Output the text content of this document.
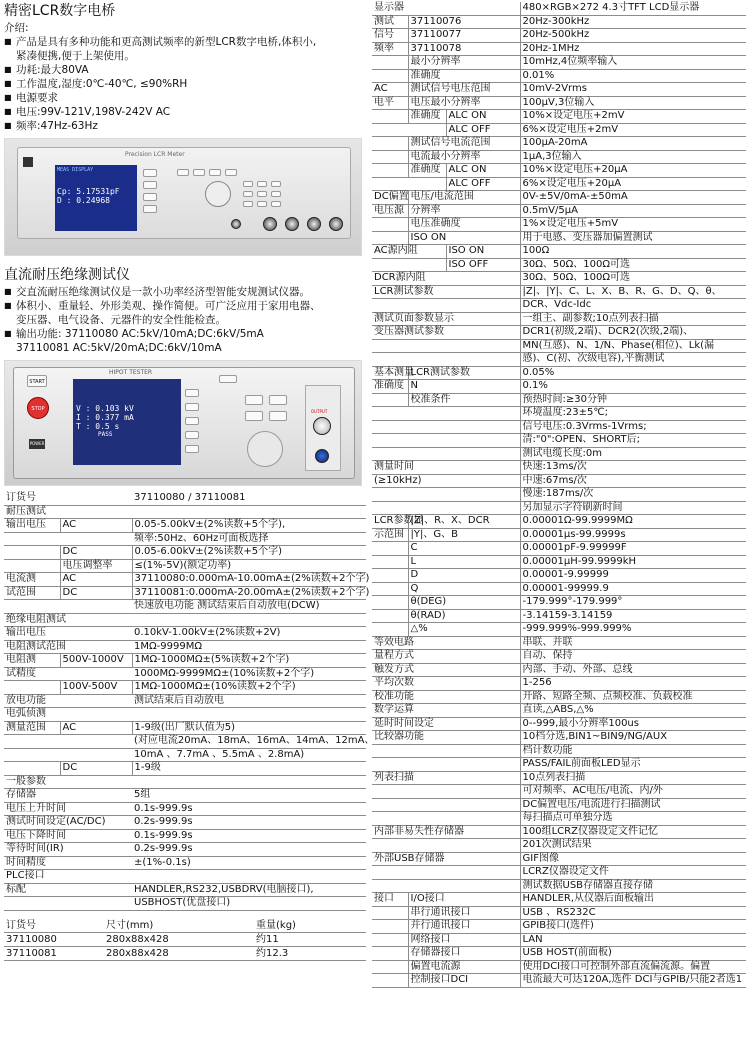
精密LCR数字电桥
介绍:
■ 产品是具有多种功能和更高测试频率的新型LCR数字电桥,体积小,
紧凑便携,便于上架使用。
■ 功耗:最大80VA
■ 工作温度,湿度:0℃-40℃, ≤90%RH
■ 电源要求
■ 电压:99V-121V,198V-242V AC
■ 频率:47Hz-63Hz
Precision LCR Meter
MEAS DISPLAY
Cp: 5.17531pF
D : 0.24968
直流耐压绝缘测试仪
■ 交直流耐压绝缘测试仪是一款小功率经济型智能安规测试仪器。
■ 体积小、重量轻、外形美观、操作简便。可广泛应用于家用电器、
变压器、电气设备、元器件的安全性能检查。
■ 输出功能: 37110080 AC:5kV/10mA;DC:6kV/5mA
37110081 AC:5kV/20mA;DC:6kV/10mA
START
STOP
POWER
HIPOT TESTER
V : 0.103 kV
I : 0.377 mA
T : 0.5 s
PASS
OUTPUT
订货号		37110080 / 37110081
耐压测试		
输出电压	AC	0.05-5.00kV±(2%读数+5个字),
		频率:50Hz、60Hz可面板选择
	DC	0.05-6.00kV±(2%读数+5个字)
	电压调整率	≤(1%-5V)(额定功率)
电流测	AC	37110080:0.000mA-10.00mA±(2%读数+2个字)
试范围	DC	37110081:0.000mA-20.00mA±(2%读数+2个字)
		快速放电功能 测试结束后自动放电(DCW)
绝缘电阻测试		
输出电压		0.10kV-1.00kV±(2%读数+2V)
电阻测试范围		1MΩ-9999MΩ
电阻测	500V-1000V	1MΩ-1000MΩ±(5%读数+2个字)
试精度		1000MΩ-9999MΩ±(10%读数+2个字)
	100V-500V	1MΩ-1000MΩ±(10%读数+2个字)
放电功能		测试结束后自动放电
电弧侦测		
测量范围	AC	1-9级(出厂默认值为5)
		(对应电流20mA、18mA、16mA、14mA、12mA、
		10mA 、7.7mA 、5.5mA 、2.8mA)
	DC	1-9级
一般参数		
存储器		5组
电压上升时间		0.1s-999.9s
测试时间设定(AC/DC)		0.2s-999.9s
电压下降时间		0.1s-999.9s
等待时间(IR)		0.2s-999.9s
时间精度		±(1%-0.1s)
PLC接口		
标配		HANDLER,RS232,USBDRV(电脑接口),
		USBHOST(优盘接口)
订货号	尺寸(mm)	重量(kg)
37110080	280x88x428	约11
37110081	280x88x428	约12.3
显示器			480×RGB×272 4.3寸TFT LCD显示器
测试	37110076		20Hz-300kHz
信号	37110077		20Hz-500kHz
频率	37110078		20Hz-1MHz
	最小分辨率		10mHz,4位频率输入
	准确度		0.01%
AC	测试信号电压范围		10mV-2Vrms
电平	电压最小分辨率		100μV,3位输入
	准确度	ALC ON	10%×设定电压+2mV
		ALC OFF	6%×设定电压+2mV
	测试信号电流范围		100μA-20mA
	电流最小分辨率		1μA,3位输入
	准确度	ALC ON	10%×设定电压+20μA
		ALC OFF	6%×设定电压+20μA
DC偏置	电压/电流范围		0V-±5V/0mA-±50mA
电压源	分辨率		0.5mV/5μA
	电压准确度		1%×设定电压+5mV
	ISO ON		用于电感、变压器加偏置测试
AC源内阻		ISO ON	100Ω
		ISO OFF	30Ω、50Ω、100Ω可选
DCR源内阻			30Ω、50Ω、100Ω可选
LCR测试参数			|Z|、|Y|、C、L、X、B、R、G、D、Q、θ、
			DCR、Vdc-Idc
测试页面参数显示			一组主、副参数;10点列表扫描
变压器测试参数			DCR1(初级,2端)、DCR2(次级,2端)、
			MN(互感)、N、1/N、Phase(相位)、Lk(漏
			感)、C(初、次级电容),平衡测试
基本测量	LCR测试参数		0.05%
准确度	N		0.1%
	校准条件		预热时间:≥30分钟
			环境温度:23±5℃;
			信号电压:0.3Vrms-1Vrms;
			清:"0":OPEN、SHORT后;
			测试电缆长度:0m
测量时间			快速:13ms/次
(≥10kHz)			中速:67ms/次
			慢速:187ms/次
			另加显示字符刷新时间
LCR参数显	|Z|、R、X、DCR		0.00001Ω-99.9999MΩ
示范围	|Y|、G、B		0.00001μs-99.9999s
	C		0.00001pF-9.99999F
	L		0.00001μH-99.9999kH
	D		0.00001-9.99999
	Q		0.00001-99999.9
	θ(DEG)		-179.999°-179.999°
	θ(RAD)		-3.14159-3.14159
	△%		-999.999%-999.999%
等效电路			串联、并联
量程方式			自动、保持
触发方式			内部、手动、外部、总线
平均次数			1-256
校准功能			开路、短路全频、点频校准、负载校准
数学运算			直读,△ABS,△%
延时时间设定			0--999,最小分辨率100us
比较器功能			10档分选,BIN1~BIN9/NG/AUX
			档计数功能
			PASS/FAIL前面板LED显示
列表扫描			10点列表扫描
			可对频率、AC电压/电流、内/外
			DC偏置电压/电流进行扫描测试
			每扫描点可单独分选
内部非易失性存储器			100组LCRZ仪器设定文件记忆
			201次测试结果
外部USB存储器			GIF图像
			LCRZ仪器设定文件
			测试数据USB存储器直接存储
接口	I/O接口		HANDLER,从仪器后面板输出
	串行通讯接口		USB 、RS232C
	并行通讯接口		GPIB接口(选件)
	网络接口		LAN
	存储器接口		USB HOST(前面板)
	偏置电流源		使用DCI接口可控制外部直流偏流源。偏置
	控制接口DCI		电流最大可达120A,选件 DCI与GPIB/只能2者选1
